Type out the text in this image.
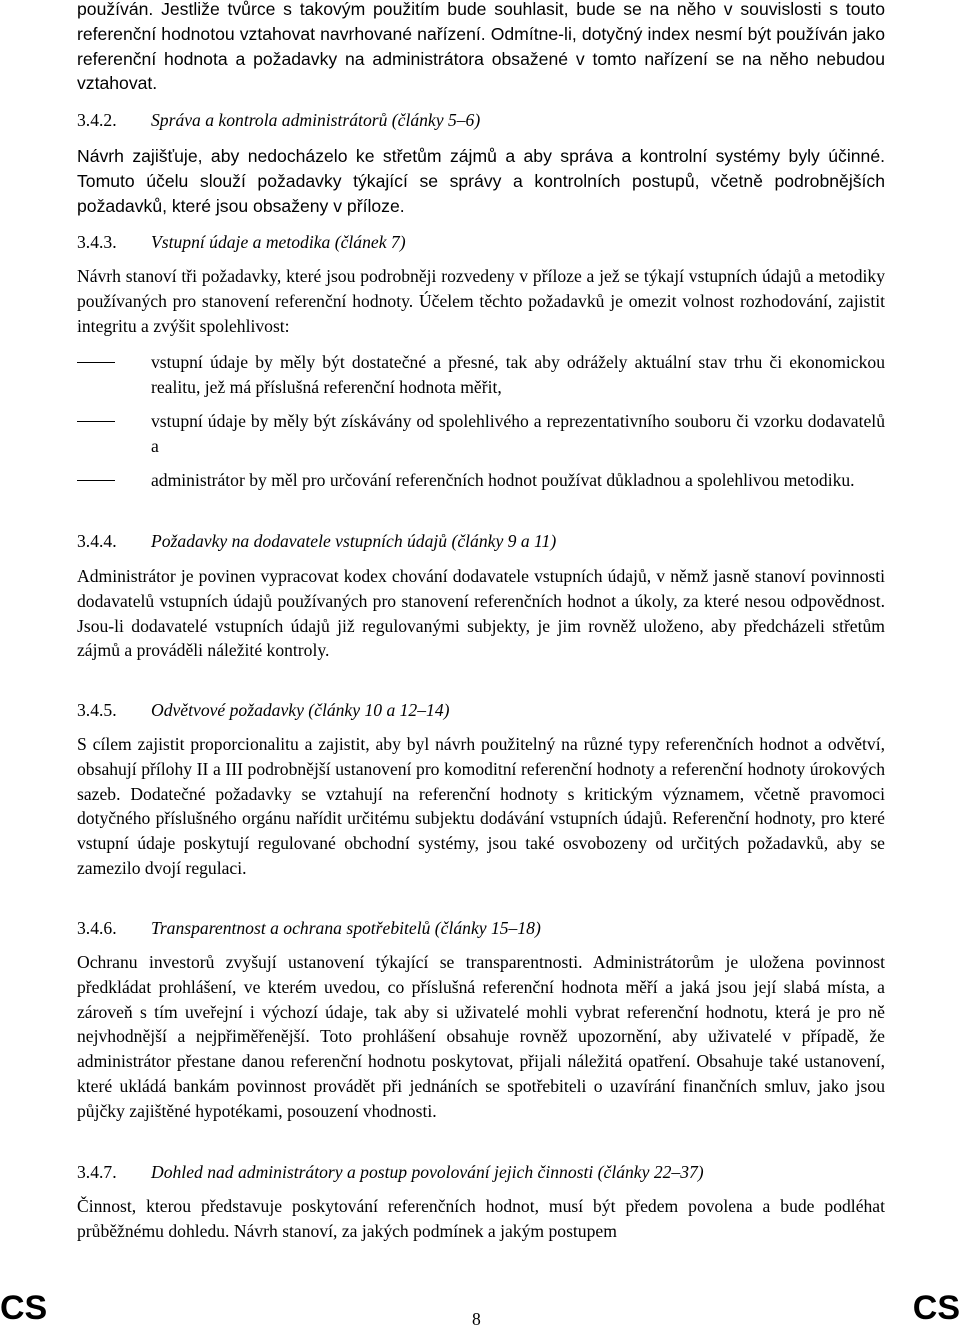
používán. Jestliže tvůrce s takovým použitím bude souhlasit, bude se na něho v souvislosti s touto referenční hodnotou vztahovat navrhované nařízení. Odmítne-li, dotyčný index nesmí být používán jako referenční hodnota a požadavky na administrátora obsažené v tomto nařízení se na něho nebudou vztahovat.

3.4.2. Správa a kontrola administrátorů (články 5–6)

Návrh zajišťuje, aby nedocházelo ke střetům zájmů a aby správa a kontrolní systémy byly účinné. Tomuto účelu slouží požadavky týkající se správy a kontrolních postupů, včetně podrobnějších požadavků, které jsou obsaženy v příloze.

3.4.3. Vstupní údaje a metodika (článek 7)

Návrh stanoví tři požadavky, které jsou podrobněji rozvedeny v příloze a jež se týkají vstupních údajů a metodiky používaných pro stanovení referenční hodnoty. Účelem těchto požadavků je omezit volnost rozhodování, zajistit integritu a zvýšit spolehlivost:

vstupní údaje by měly být dostatečné a přesné, tak aby odrážely aktuální stav trhu či ekonomickou realitu, jež má příslušná referenční hodnota měřit,

vstupní údaje by měly být získávány od spolehlivého a reprezentativního souboru či vzorku dodavatelů a

administrátor by měl pro určování referenčních hodnot používat důkladnou a spolehlivou metodiku.

3.4.4. Požadavky na dodavatele vstupních údajů (články 9 a 11)

Administrátor je povinen vypracovat kodex chování dodavatele vstupních údajů, v němž jasně stanoví povinnosti dodavatelů vstupních údajů používaných pro stanovení referenčních hodnot a úkoly, za které nesou odpovědnost. Jsou-li dodavatelé vstupních údajů již regulovanými subjekty, je jim rovněž uloženo, aby předcházeli střetům zájmů a prováděli náležité kontroly.

3.4.5. Odvětvové požadavky (články 10 a 12–14)

S cílem zajistit proporcionalitu a zajistit, aby byl návrh použitelný na různé typy referenčních hodnot a odvětví, obsahují přílohy II a III podrobnější ustanovení pro komoditní referenční hodnoty a referenční hodnoty úrokových sazeb. Dodatečné požadavky se vztahují na referenční hodnoty s kritickým významem, včetně pravomoci dotyčného příslušného orgánu nařídit určitému subjektu dodávání vstupních údajů. Referenční hodnoty, pro které vstupní údaje poskytují regulované obchodní systémy, jsou také osvobozeny od určitých požadavků, aby se zamezilo dvojí regulaci.

3.4.6. Transparentnost a ochrana spotřebitelů (články 15–18)

Ochranu investorů zvyšují ustanovení týkající se transparentnosti. Administrátorům je uložena povinnost předkládat prohlášení, ve kterém uvedou, co příslušná referenční hodnota měří a jaká jsou její slabá místa, a zároveň s tím uveřejní i výchozí údaje, tak aby si uživatelé mohli vybrat referenční hodnotu, která je pro ně nejvhodnější a nejpřiměřenější. Toto prohlášení obsahuje rovněž upozornění, aby uživatelé v případě, že administrátor přestane danou referenční hodnotu poskytovat, přijali náležitá opatření. Obsahuje také ustanovení, které ukládá bankám povinnost provádět při jednáních se spotřebiteli o uzavírání finančních smluv, jako jsou půjčky zajištěné hypotékami, posouzení vhodnosti.

3.4.7. Dohled nad administrátory a postup povolování jejich činnosti (články 22–37)

Činnost, kterou představuje poskytování referenčních hodnot, musí být předem povolena a bude podléhat průběžnému dohledu. Návrh stanoví, za jakých podmínek a jakým postupem

CS	8	CS
